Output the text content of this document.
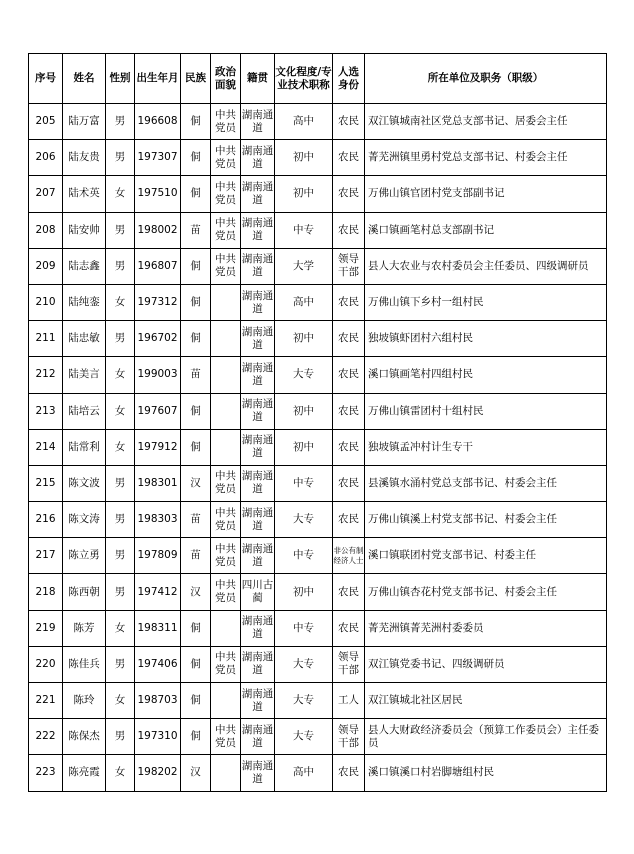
序号	姓名	性别	出生年月	民族	政治面貌	籍贯	文化程度/专业技术职称	人选身份	所在单位及职务（职级）
205	陆万富	男	196608	侗	中共党员	湖南通道	高中	农民	双江镇城南社区党总支部书记、居委会主任
206	陆友贵	男	197307	侗	中共党员	湖南通道	初中	农民	菁芜洲镇里勇村党总支部书记、村委会主任
207	陆术英	女	197510	侗	中共党员	湖南通道	初中	农民	万佛山镇官团村党支部副书记
208	陆安帅	男	198002	苗	中共党员	湖南通道	中专	农民	溪口镇画笔村总支部副书记
209	陆志鑫	男	196807	侗	中共党员	湖南通道	大学	领导干部	县人大农业与农村委员会主任委员、四级调研员
210	陆纯銮	女	197312	侗		湖南通道	高中	农民	万佛山镇下乡村一组村民
211	陆忠敏	男	196702	侗		湖南通道	初中	农民	独坡镇虾团村六组村民
212	陆美言	女	199003	苗		湖南通道	大专	农民	溪口镇画笔村四组村民
213	陆培云	女	197607	侗		湖南通道	初中	农民	万佛山镇雷团村十组村民
214	陆常利	女	197912	侗		湖南通道	初中	农民	独坡镇孟冲村计生专干
215	陈文波	男	198301	汉	中共党员	湖南通道	中专	农民	县溪镇水涌村党总支部书记、村委会主任
216	陈文涛	男	198303	苗	中共党员	湖南通道	大专	农民	万佛山镇溪上村党支部书记、村委会主任
217	陈立勇	男	197809	苗	中共党员	湖南通道	中专	非公有制经济人士	溪口镇联团村党支部书记、村委主任
218	陈西朝	男	197412	汉	中共党员	四川古蔺	初中	农民	万佛山镇杏花村党支部书记、村委会主任
219	陈芳	女	198311	侗		湖南通道	中专	农民	菁芜洲镇菁芜洲村委委员
220	陈佳兵	男	197406	侗	中共党员	湖南通道	大专	领导干部	双江镇党委书记、四级调研员
221	陈玲	女	198703	侗		湖南通道	大专	工人	双江镇城北社区居民
222	陈保杰	男	197310	侗	中共党员	湖南通道	大专	领导干部	县人大财政经济委员会（预算工作委员会）主任委员
223	陈亮霞	女	198202	汉		湖南通道	高中	农民	溪口镇溪口村岩脚塘组村民
